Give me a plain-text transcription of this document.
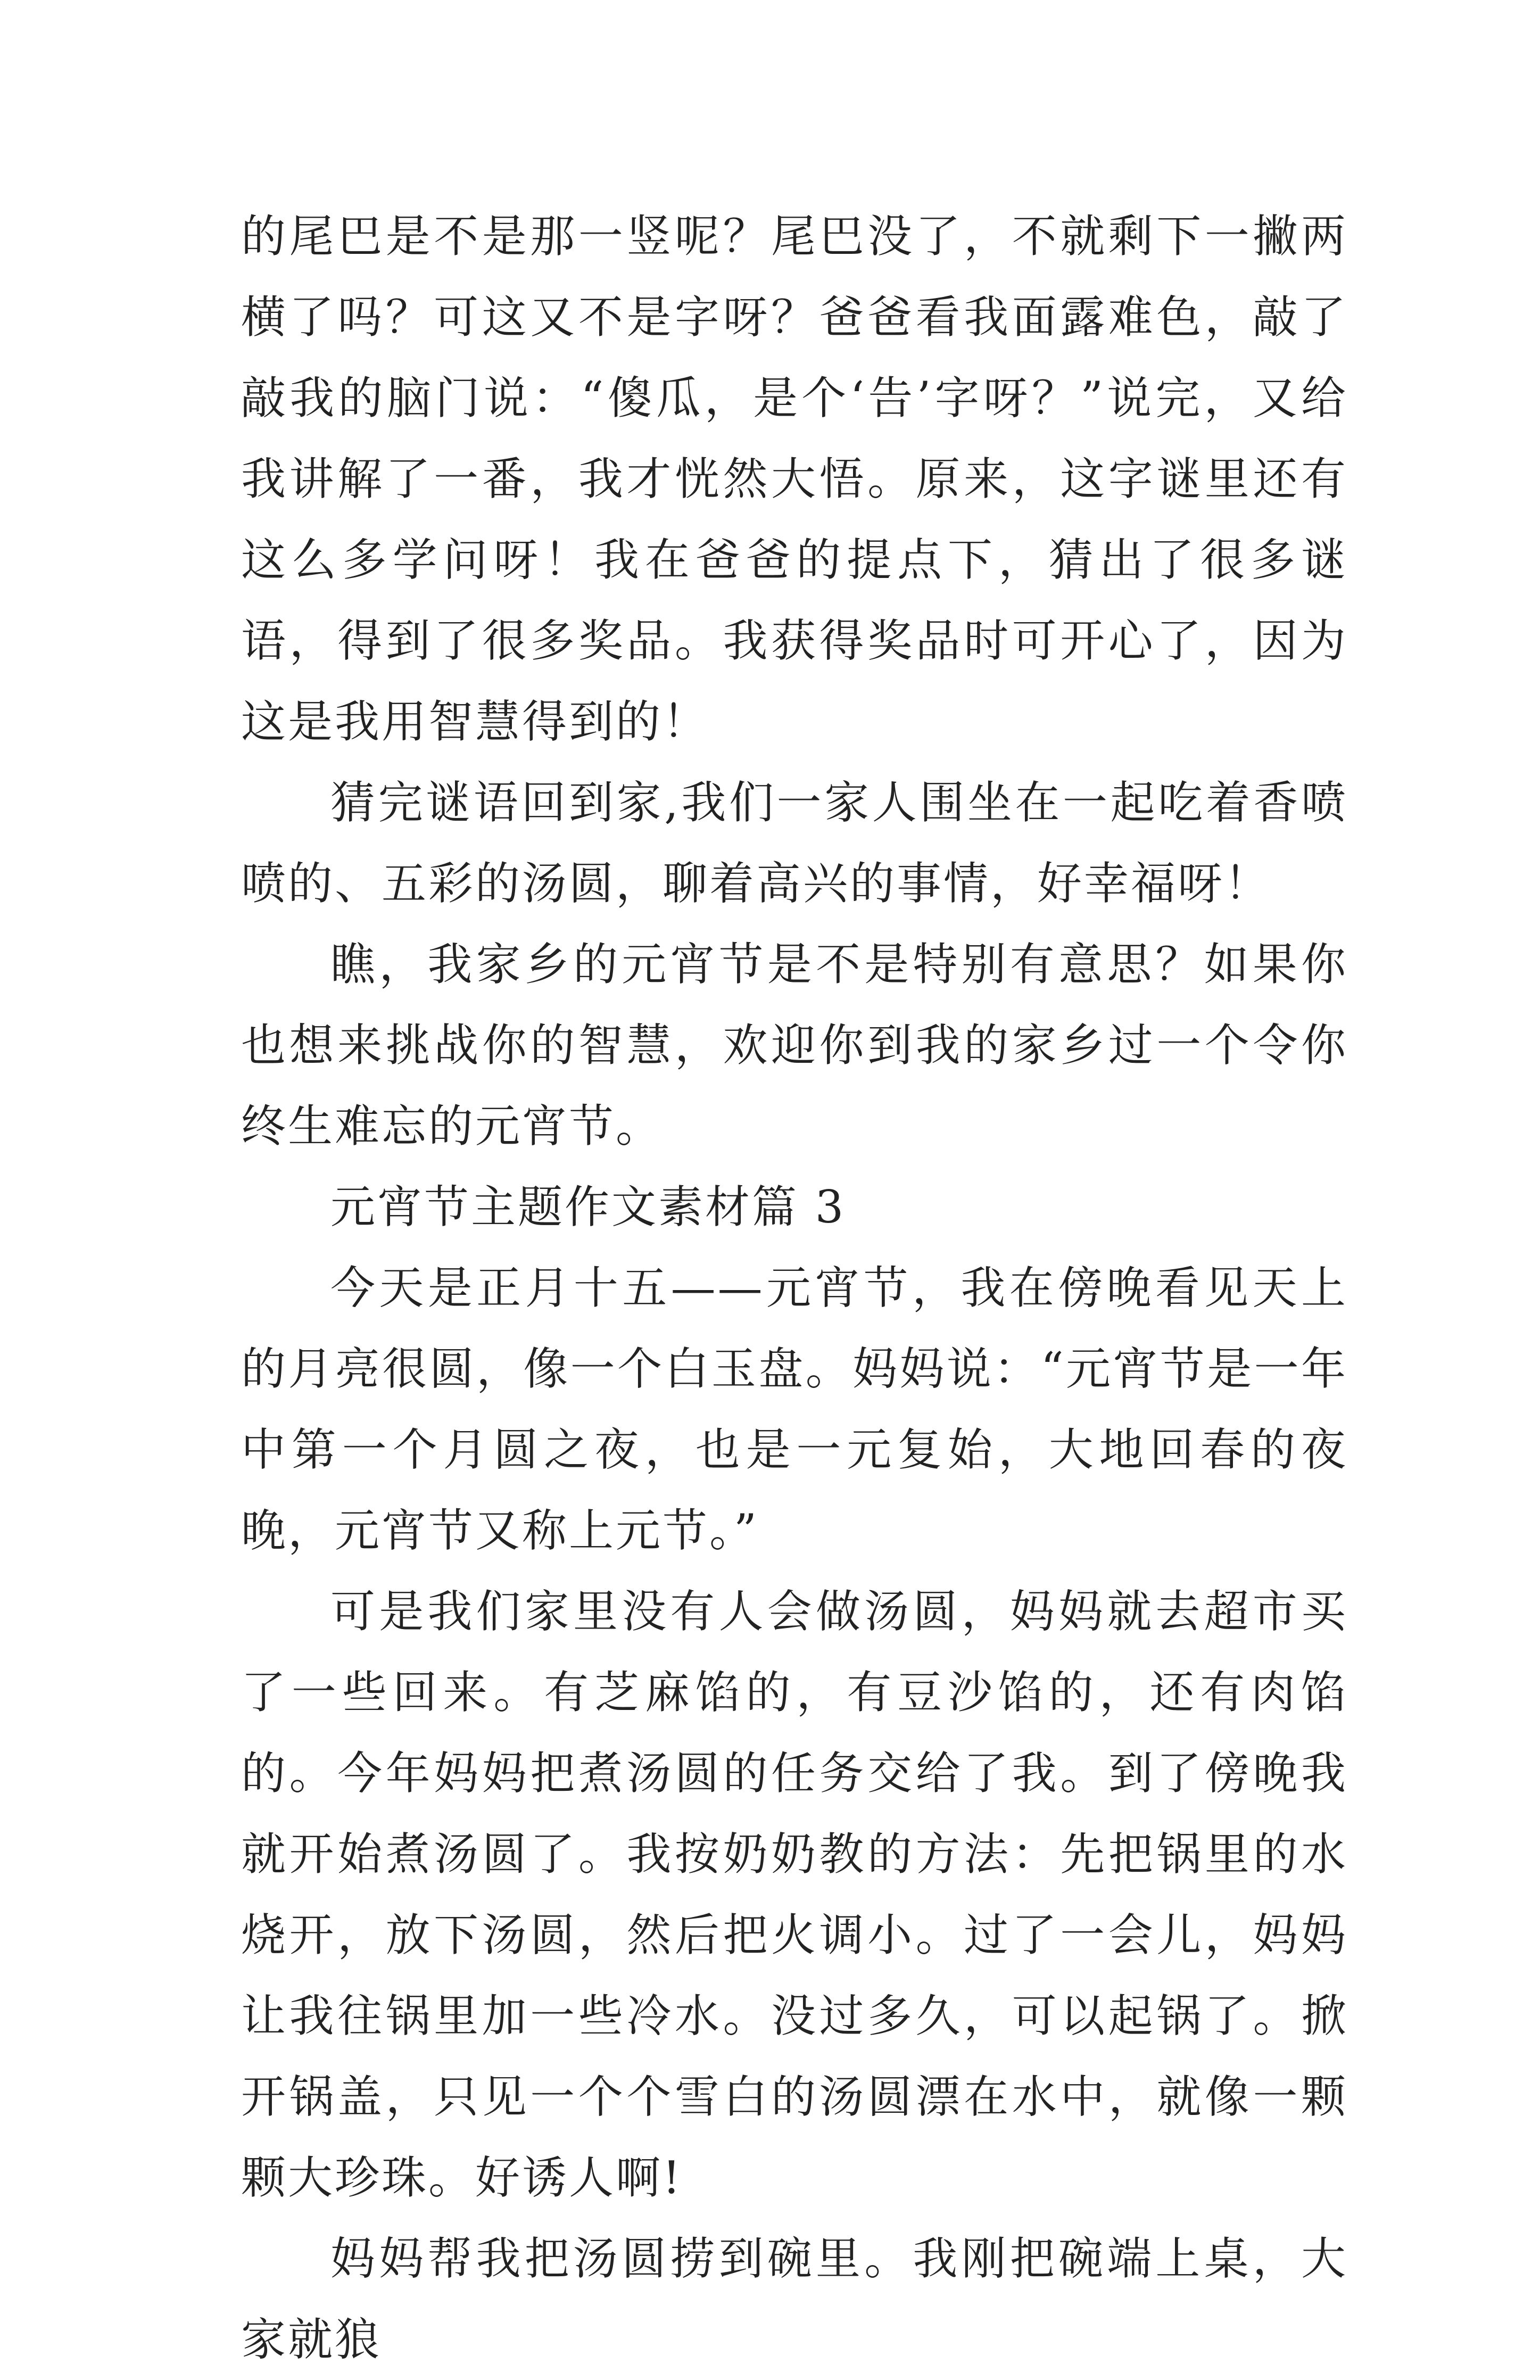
的尾巴是不是那一竖呢？尾巴没了，不就剩下一撇两横了吗？可这又不是字呀？爸爸看我面露难色，敲了敲我的脑门说：“傻瓜，是个‘告’字呀？”说完，又给我讲解了一番，我才恍然大悟。原来，这字谜里还有这么多学问呀！我在爸爸的提点下，猜出了很多谜语，得到了很多奖品。我获得奖品时可开心了，因为这是我用智慧得到的！

猜完谜语回到家,我们一家人围坐在一起吃着香喷喷的、五彩的汤圆，聊着高兴的事情，好幸福呀！

瞧，我家乡的元宵节是不是特别有意思？如果你也想来挑战你的智慧，欢迎你到我的家乡过一个令你终生难忘的元宵节。

元宵节主题作文素材篇 3

今天是正月十五——元宵节，我在傍晚看见天上的月亮很圆，像一个白玉盘。妈妈说：“元宵节是一年中第一个月圆之夜，也是一元复始，大地回春的夜晚，元宵节又称上元节。”

可是我们家里没有人会做汤圆，妈妈就去超市买了一些回来。有芝麻馅的，有豆沙馅的，还有肉馅的。今年妈妈把煮汤圆的任务交给了我。到了傍晚我就开始煮汤圆了。我按奶奶教的方法：先把锅里的水烧开，放下汤圆，然后把火调小。过了一会儿，妈妈让我往锅里加一些冷水。没过多久，可以起锅了。掀开锅盖，只见一个个雪白的汤圆漂在水中，就像一颗颗大珍珠。好诱人啊!

妈妈帮我把汤圆捞到碗里。我刚把碗端上桌，大家就狼
